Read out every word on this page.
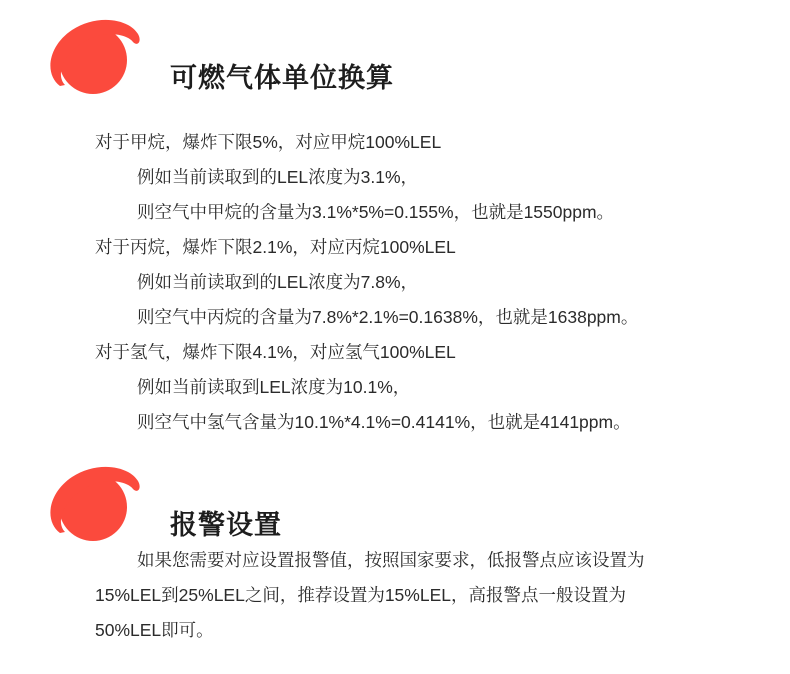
可燃气体单位换算
对于甲烷，爆炸下限5%，对应甲烷100%LEL
例如当前读取到的LEL浓度为3.1%，
则空气中甲烷的含量为3.1%*5%=0.155%，也就是1550ppm。
对于丙烷，爆炸下限2.1%，对应丙烷100%LEL
例如当前读取到的LEL浓度为7.8%，
则空气中丙烷的含量为7.8%*2.1%=0.1638%，也就是1638ppm。
对于氢气，爆炸下限4.1%，对应氢气100%LEL
例如当前读取到LEL浓度为10.1%，
则空气中氢气含量为10.1%*4.1%=0.4141%，也就是4141ppm。
报警设置
如果您需要对应设置报警值，按照国家要求，低报警点应该设置为15%LEL到25%LEL之间，推荐设置为15%LEL，高报警点一般设置为50%LEL即可。
